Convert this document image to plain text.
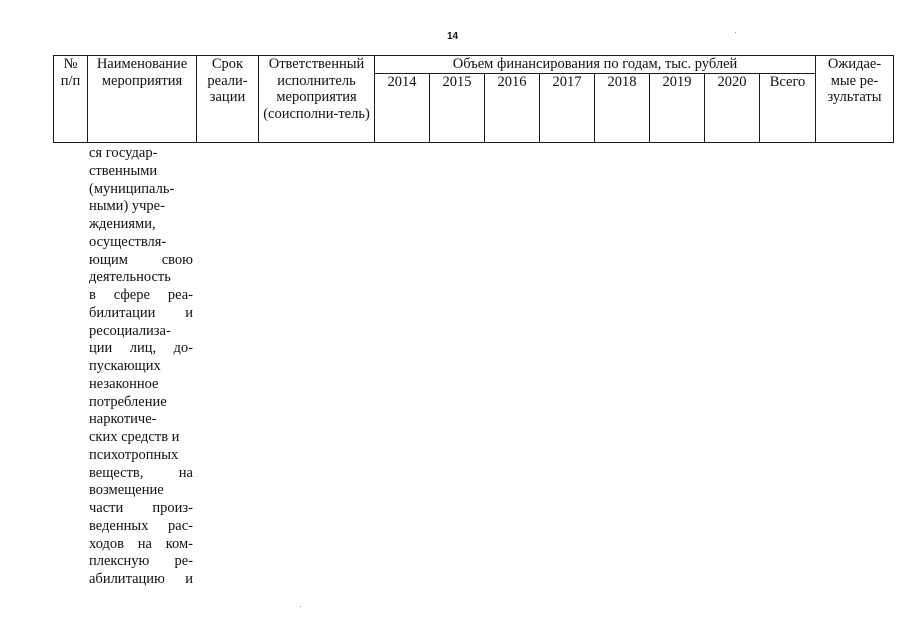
14
№ п/п	Наименование мероприятия	Срок реали-зации	Ответственный исполнитель мероприятия (соисполни-тель)	Объем финансирования по годам, тыс. рублей								Ожидае-мые ре-зультаты
				2014	2015	2016	2017	2018	2019	2020	Всего	
ся государ-
ственными
(муниципаль-
ными) учре-
ждениями,
осуществля-
ющим свою
деятельность
в сфере реа-
билитации и
ресоциализа-
ции лиц, до-
пускающих
незаконное
потребление
наркотиче-
ских средств и
психотропных
веществ, на
возмещение
части произ-
веденных рас-
ходов на ком-
плексную ре-
абилитацию и
